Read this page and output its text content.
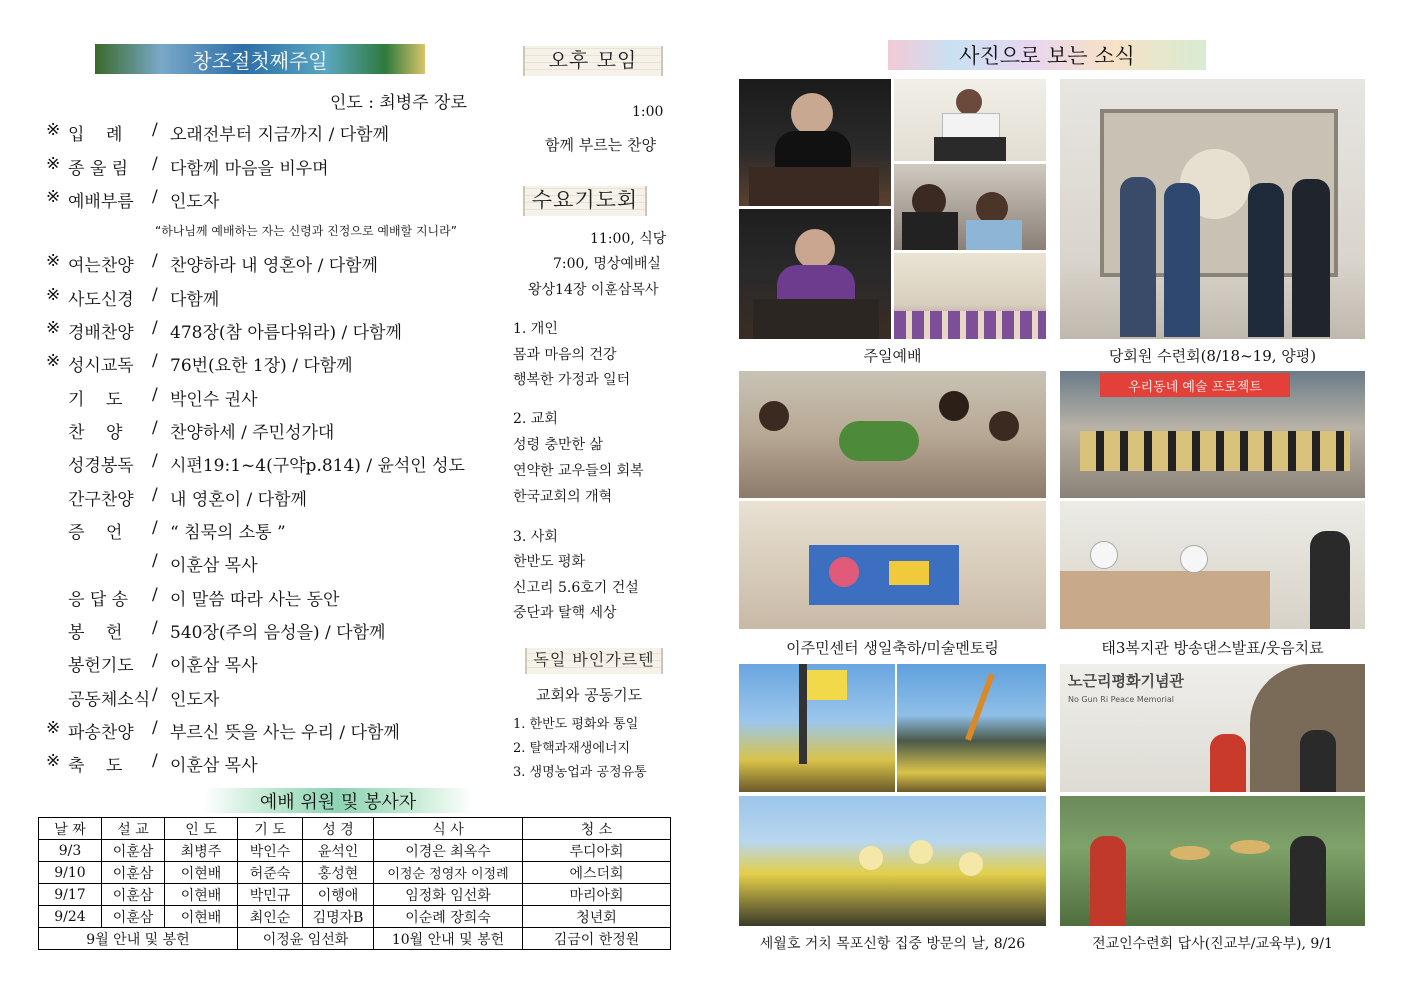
창조절첫째주일
인도 : 최병주 장로
※ 입    례	/ 오래전부터 지금까지 / 다함께
※ 종 울 림	/ 다함께 마음을 비우며
※ 예배부름	/ 인도자
※ 여는찬양	/ 찬양하라 내 영혼아 / 다함께
※ 사도신경	/ 다함께
※ 경배찬양	/ 478장(참 아름다워라) / 다함께
※ 성시교독	/ 76번(요한 1장) / 다함께
기    도	/ 박인수 권사
찬    양	/ 찬양하세 / 주민성가대
성경봉독	/ 시편19:1~4(구약p.814) / 윤석인 성도
간구찬양	/ 내 영혼이 / 다함께
증    언	/ “ 침묵의 소통 ”
/ 이훈삼 목사
응 답 송	/ 이 말씀 따라 사는 동안
봉    헌	/ 540장(주의 음성을) / 다함께
봉헌기도	/ 이훈삼 목사
공동체소식 / 인도자
※ 파송찬양	/ 부르신 뜻을 사는 우리 / 다함께
※ 축    도	/ 이훈삼 목사
“하나님께 예배하는 자는 신령과 진정으로 예배할 지니라”
예배 위원 및 봉사자
날 짜	설 교	인 도	기 도	성 경	식 사	청 소
9/3	이훈삼	최병주	박인수	윤석인	이경은 최옥수	루디아회
9/10	이훈삼	이현배	허준숙	홍성현	이정순 정영자 이정례	에스더회
9/17	이훈삼	이현배	박민규	이행애	임정화 임선화	마리아회
9/24	이훈삼	이현배	최인순	김명자B	이순례 장희숙	청년회
9월 안내 및 봉헌			이정윤 임선화		10월 안내 및 봉헌	김금이 한정원
오후 모임
1:00
함께 부르는 찬양
수요기도회
11:00, 식당
7:00, 명상예배실
왕상14장 이훈삼목사
1. 개인
몸과 마음의 건강
행복한 가정과 일터
2. 교회
성령 충만한 삶
연약한 교우들의 회복
한국교회의 개혁
3. 사회
한반도 평화
신고리 5.6호기 건설
중단과 탈핵 세상
독일 바인가르텐
교회와 공동기도
1. 한반도 평화와 통일
2. 탈핵과재생에너지
3. 생명농업과 공정유통
사진으로 보는 소식
주일예배	당회원 수련회(8/18~19, 양평)
우리동네 예술 프로젝트
이주민센터 생일축하/미술멘토링	태3복지관 방송댄스발표/웃음치료
노근리평화기념관
No Gun Ri Peace Memorial
세월호 거치 목포신항 집중 방문의 날, 8/26	전교인수련회 답사(진교부/교육부), 9/1
